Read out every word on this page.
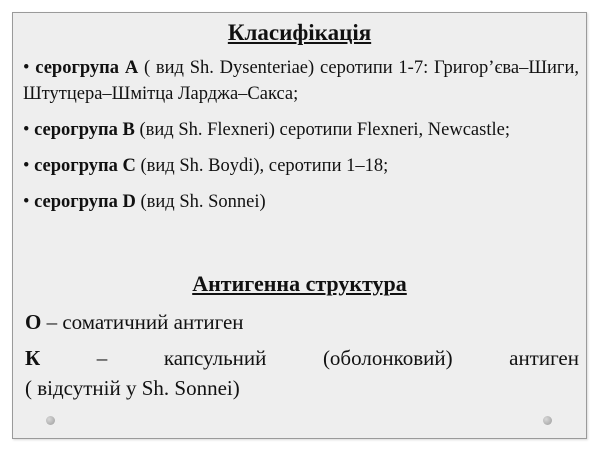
Класифікація
• серогрупа А ( вид Sh. Dysenteriae) серотипи 1-7: Григор’єва–Шиги, Штутцера–Шмітца Ларджа–Сакса;
• серогрупа В (вид Sh. Flexneri) серотипи Flexneri, Newcastle;
• серогрупа С (вид Sh. Boydi), серотипи 1–18;
• серогрупа D (вид Sh. Sonnei)
Антигенна структура

О – соматичний антиген

К	–	капсульний	(оболонковий)	антиген
( відсутній у Sh. Sonnei)
